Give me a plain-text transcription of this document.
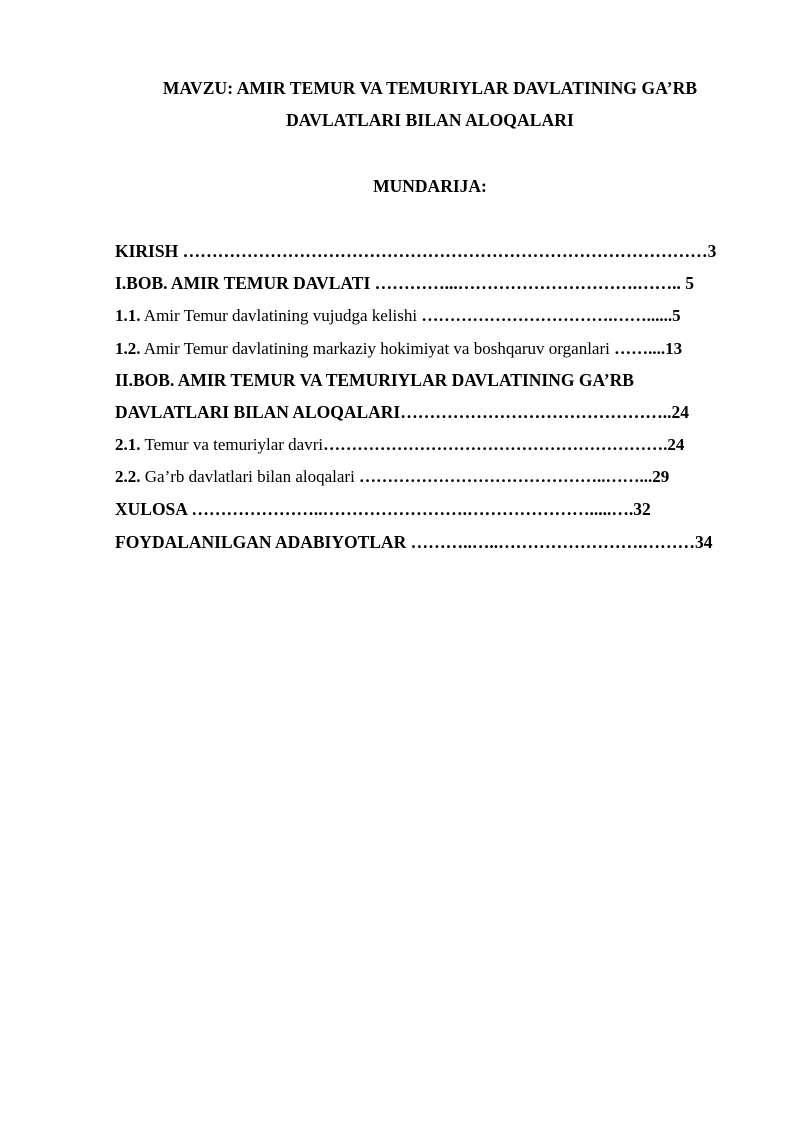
MAVZU: AMIR TEMUR VA TEMURIYLAR DAVLATINING GA’RB
DAVLATLARI BILAN ALOQALARI
MUNDARIJA:
KIRISH ………………………………………………………………………………3
I.BOB. AMIR TEMUR DAVLATI …………...………………………….…….. 5
1.1. Amir Temur davlatining vujudga kelishi …………………………….……......5
1.2. Amir Temur davlatining markaziy hokimiyat va boshqaruv organlari ……....13
II.BOB. AMIR TEMUR VA TEMURIYLAR DAVLATINING GA’RB
DAVLATLARI BILAN ALOQALARI………………………………………..24
2.1. Temur va temuriylar davri…………………………………………………….24
2.2. Ga’rb davlatlari bilan aloqalari ……………………………………..……...29
XULOSA …………………..…………………….………………….....….32
FOYDALANILGAN ADABIYOTLAR ………..…..…………………….………34
